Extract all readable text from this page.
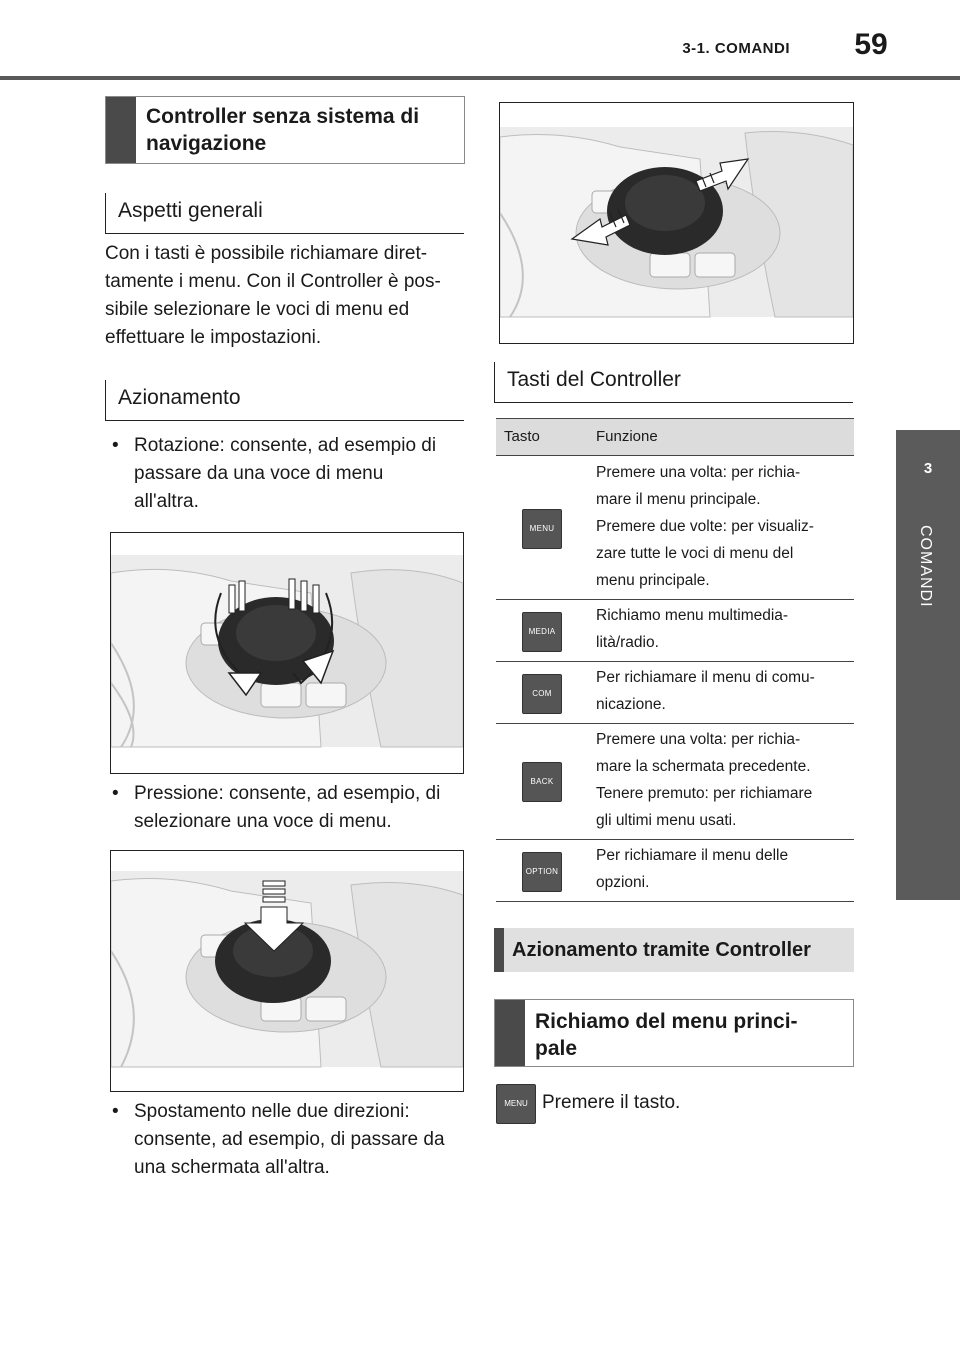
3-1. COMANDI	59
3
COMANDI
Controller senza sistema di navigazione
Aspetti generali
Con i tasti è possibile richiamare diret-
tamente i menu. Con il Controller è pos-
sibile selezionare le voci di menu ed
effettuare le impostazioni.
Azionamento
• Rotazione: consente, ad esempio di
passare da una voce di menu
all'altra.
• Pressione: consente, ad esempio, di
selezionare una voce di menu.
• Spostamento nelle due direzioni:
consente, ad esempio, di passare da
una schermata all'altra.
Tasti del Controller
Tasto	Funzione
MENU
Premere una volta: per richia-
mare il menu principale.
Premere due volte: per visualiz-
zare tutte le voci di menu del
menu principale.
MEDIA
Richiamo menu multimedia-
lità/radio.
COM
Per richiamare il menu di comu-
nicazione.
BACK
Premere una volta: per richia-
mare la schermata precedente.
Tenere premuto: per richiamare
gli ultimi menu usati.
OPTION
Per richiamare il menu delle
opzioni.
Azionamento tramite Controller
Richiamo del menu princi-
pale
MENU Premere il tasto.
